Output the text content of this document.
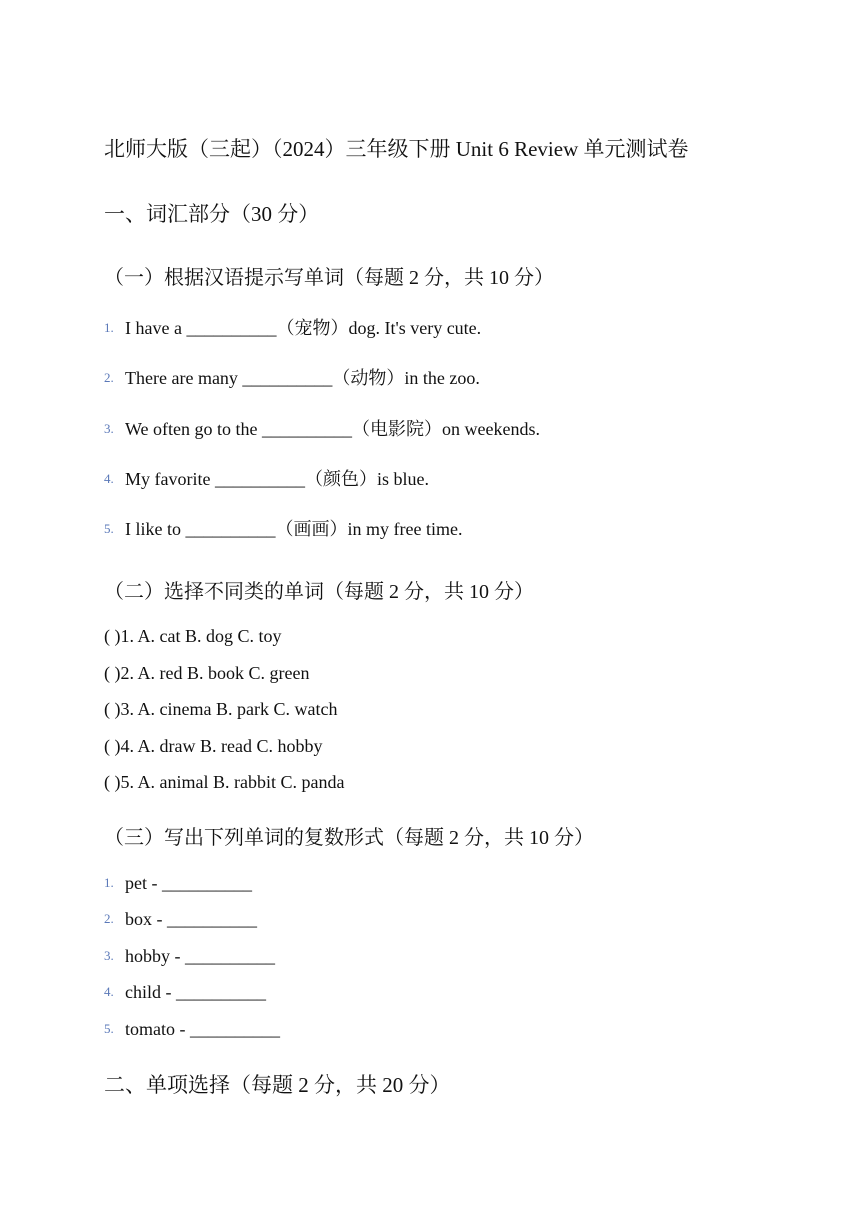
北师大版（三起）（2024）三年级下册 Unit 6 Review 单元测试卷
一、词汇部分（30 分）
（一）根据汉语提示写单词（每题 2 分，共 10 分）
1. I have a __________（宠物）dog. It's very cute.
2. There are many __________（动物）in the zoo.
3. We often go to the __________（电影院）on weekends.
4. My favorite __________（颜色）is blue.
5. I like to __________（画画）in my free time.
（二）选择不同类的单词（每题 2 分，共 10 分）
( )1. A. cat B. dog C. toy
( )2. A. red B. book C. green
( )3. A. cinema B. park C. watch
( )4. A. draw B. read C. hobby
( )5. A. animal B. rabbit C. panda
（三）写出下列单词的复数形式（每题 2 分，共 10 分）
1. pet - __________
2. box - __________
3. hobby - __________
4. child - __________
5. tomato - __________
二、单项选择（每题 2 分，共 20 分）
